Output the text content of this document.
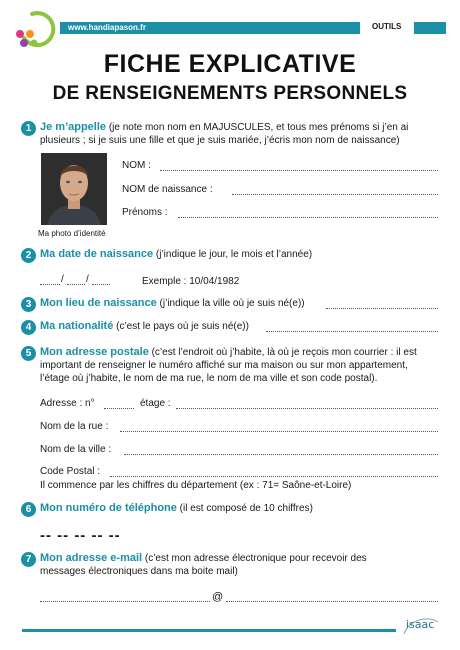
www.handiapason.fr	OUTILS
FICHE EXPLICATIVE
DE RENSEIGNEMENTS PERSONNELS
1 Je m’appelle (je note mon nom en MAJUSCULES, et tous mes prénoms si j’en ai plusieurs ; si je suis une fille et que je suis mariée, j’écris mon nom de naissance)
Ma photo d’identité
NOM :
NOM de naissance :
Prénoms :
2 Ma date de naissance (j’indique le jour, le mois et l’année)
/ /	Exemple : 10/04/1982
3 Mon lieu de naissance (j’indique la ville où je suis né(e))
4 Ma nationalité (c’est le pays où je suis né(e))
5 Mon adresse postale (c’est l’endroit où j’habite, là où je reçois mon courrier : il est important de renseigner le numéro affiché sur ma maison ou sur mon appartement, l’étage où j’habite, le nom de ma rue, le nom de ma ville et son code postal).
Adresse : n°	étage :
Nom de la rue :
Nom de la ville :
Code Postal :
Il commence par les chiffres du département (ex : 71= Saône-et-Loire)
6 Mon numéro de téléphone (il est composé de 10 chiffres)
-- -- -- -- --
7 Mon adresse e-mail (c’est mon adresse électronique pour recevoir des messages électroniques dans ma boite mail)
@
isaac
